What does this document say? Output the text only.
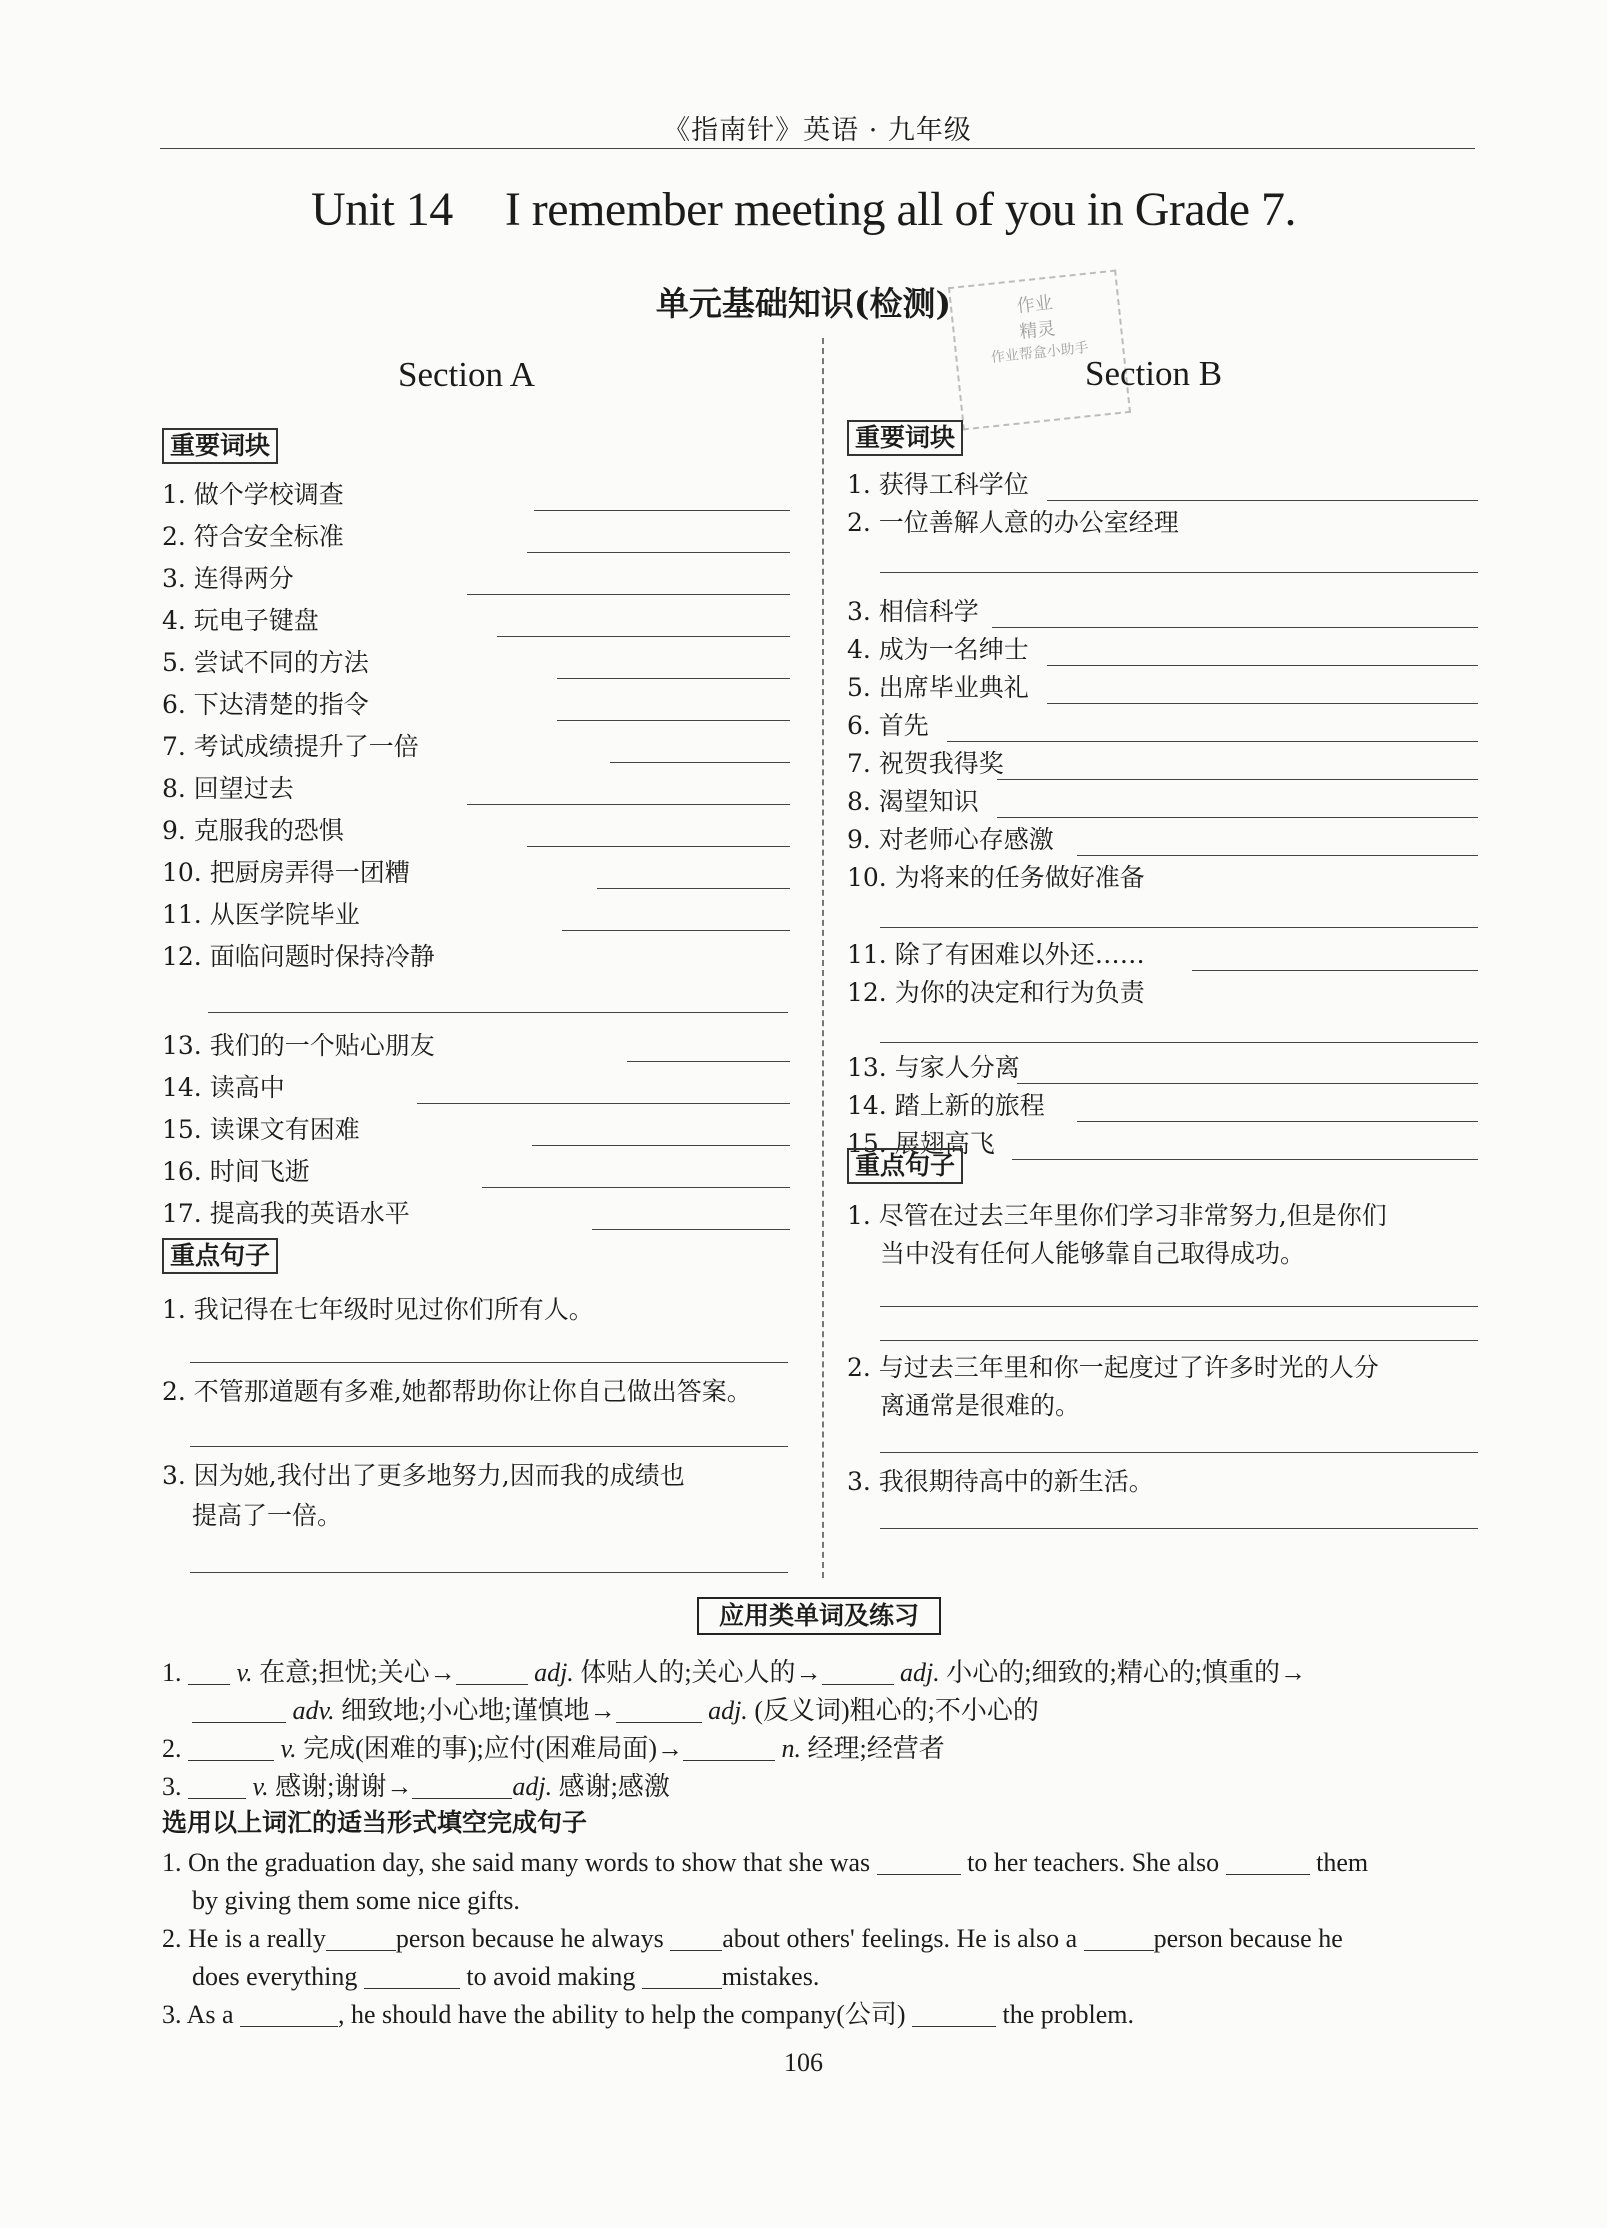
《指南针》英语 · 九年级
Unit 14 I remember meeting all of you in Grade 7.
单元基础知识(检测)	作业
精灵
作业帮盒小助手
Section A
重要词块
1. 做个学校调查
2. 符合安全标准
3. 连得两分
4. 玩电子键盘
5. 尝试不同的方法
6. 下达清楚的指令
7. 考试成绩提升了一倍
8. 回望过去
9. 克服我的恐惧
10. 把厨房弄得一团糟
11. 从医学院毕业
12. 面临问题时保持冷静
13. 我们的一个贴心朋友
14. 读高中
15. 读课文有困难
16. 时间飞逝
17. 提高我的英语水平
重点句子
Section B
重要词块
1. 获得工科学位
2. 一位善解人意的办公室经理
3. 相信科学
4. 成为一名绅士
5. 出席毕业典礼
6. 首先
7. 祝贺我得奖
8. 渴望知识
9. 对老师心存感激
10. 为将来的任务做好准备
11. 除了有困难以外还……
12. 为你的决定和行为负责
13. 与家人分离
14. 踏上新的旅程
15. 展翅高飞
重点句子
应用类单词及练习
1. v. 在意;担忧;关心→	adj. 体贴人的;关心人的→	adj. 小心的;细致的;精心的;慎重的→
adv. 细致地;小心地;谨慎地→	adj. (反义词)粗心的;不小心的
2.	v. 完成(困难的事);应付(困难局面)→	n. 经理;经营者
3.	v. 感谢;谢谢→	adj. 感谢;感激
选用以上词汇的适当形式填空完成句子
1. On the graduation day, she said many words to show that she was	to her teachers. She also	them
by giving them some nice gifts.
2. He is a really	person because he always about others' feelings. He is also a	person because he
does everything	to avoid making	mistakes.
3. As a	, he should have the ability to help the company(公司)	the problem.
106
1. 我记得在七年级时见过你们所有人。
2. 不管那道题有多难,她都帮助你让你自己做出答案。
3. 因为她,我付出了更多地努力,因而我的成绩也
提高了一倍。
1. 尽管在过去三年里你们学习非常努力,但是你们
当中没有任何人能够靠自己取得成功。
2. 与过去三年里和你一起度过了许多时光的人分
离通常是很难的。
3. 我很期待高中的新生活。
